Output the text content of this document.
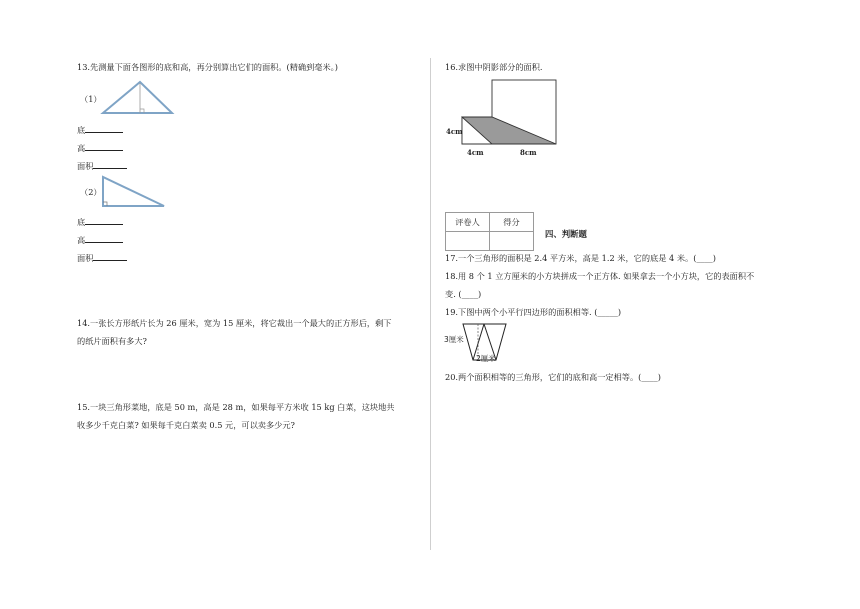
13.先测量下面各图形的底和高，再分别算出它们的面积。(精确到毫米。)
（1）
底
高
面积
（2）
底
高
面积
14.一张长方形纸片长为 26 厘米，宽为 15 厘米，将它裁出一个最大的正方形后，剩下
的纸片面积有多大?
15.一块三角形菜地，底是 50 m，高是 28 m，如果每平方米收 15 kg 白菜，这块地共
收多少千克白菜? 如果每千克白菜卖 0.5 元，可以卖多少元?
16.求图中阴影部分的面积.
4cm
4cm	8cm
评卷人	得分

四、判断题
17.一个三角形的面积是 2.4 平方米，高是 1.2 米，它的底是 4 米。(____)
18.用 8 个 1 立方厘米的小方块拼成一个正方体. 如果拿去一个小方块，它的表面积不
变. (____)
19.下图中两个小平行四边形的面积相等. (_____)
3厘米
2厘米
20.两个面积相等的三角形，它们的底和高一定相等。(____)
